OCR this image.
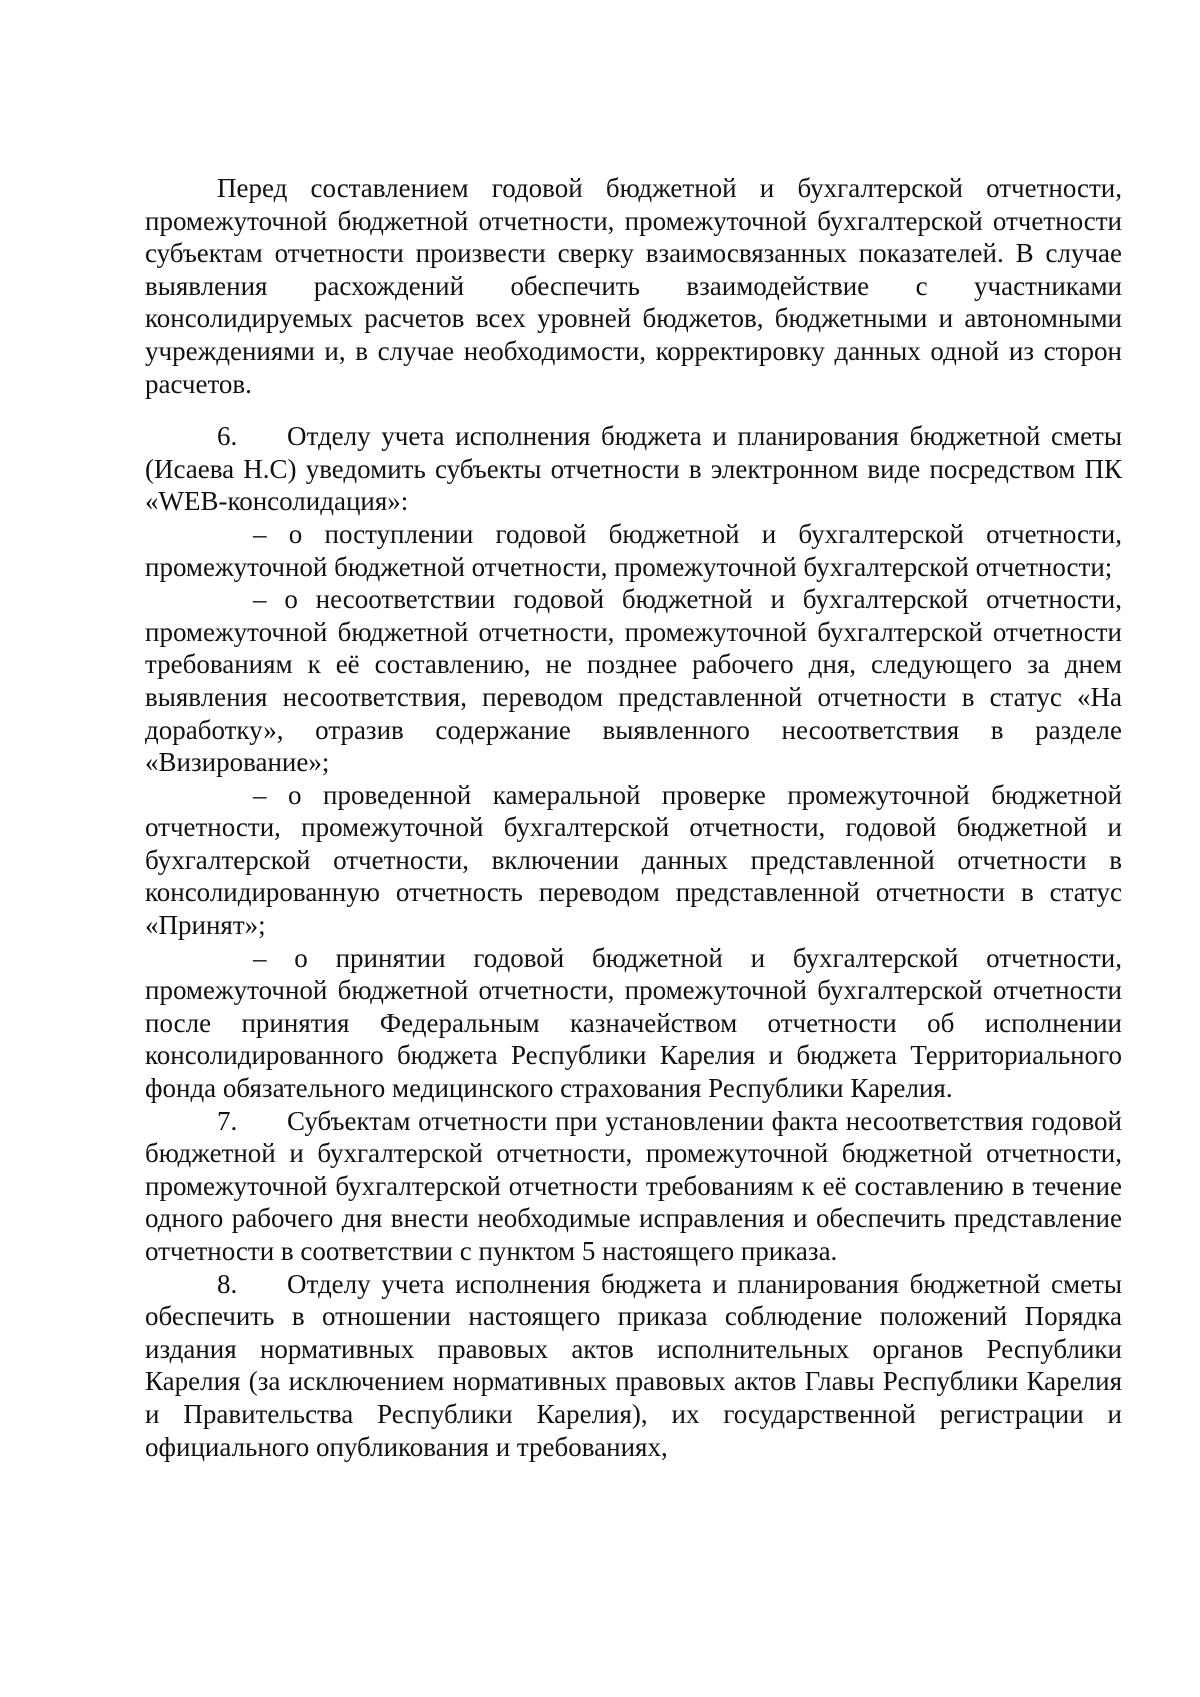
Перед составлением годовой бюджетной и бухгалтерской отчетности, промежуточной бюджетной отчетности, промежуточной бухгалтерской отчетности субъектам отчетности произвести сверку взаимосвязанных показателей. В случае выявления расхождений обеспечить взаимодействие с участниками консолидируемых расчетов всех уровней бюджетов, бюджетными и автономными учреждениями и, в случае необходимости, корректировку данных одной из сторон расчетов.

6. Отделу учета исполнения бюджета и планирования бюджетной сметы (Исаева Н.С) уведомить субъекты отчетности в электронном виде посредством ПК «WEB-консолидация»:

– о поступлении годовой бюджетной и бухгалтерской отчетности, промежуточной бюджетной отчетности, промежуточной бухгалтерской отчетности;

– о несоответствии годовой бюджетной и бухгалтерской отчетности, промежуточной бюджетной отчетности, промежуточной бухгалтерской отчетности требованиям к её составлению, не позднее рабочего дня, следующего за днем выявления несоответствия, переводом представленной отчетности в статус «На доработку», отразив содержание выявленного несоответствия в разделе «Визирование»;

– о проведенной камеральной проверке промежуточной бюджетной отчетности, промежуточной бухгалтерской отчетности, годовой бюджетной и бухгалтерской отчетности, включении данных представленной отчетности в консолидированную отчетность переводом представленной отчетности в статус «Принят»;

– о принятии годовой бюджетной и бухгалтерской отчетности, промежуточной бюджетной отчетности, промежуточной бухгалтерской отчетности после принятия Федеральным казначейством отчетности об исполнении консолидированного бюджета Республики Карелия и бюджета Территориального фонда обязательного медицинского страхования Республики Карелия.

7. Субъектам отчетности при установлении факта несоответствия годовой бюджетной и бухгалтерской отчетности, промежуточной бюджетной отчетности, промежуточной бухгалтерской отчетности требованиям к её составлению в течение одного рабочего дня внести необходимые исправления и обеспечить представление отчетности в соответствии с пунктом 5 настоящего приказа.

8. Отделу учета исполнения бюджета и планирования бюджетной сметы обеспечить в отношении настоящего приказа соблюдение положений Порядка издания нормативных правовых актов исполнительных органов Республики Карелия (за исключением нормативных правовых актов Главы Республики Карелия и Правительства Республики Карелия), их государственной регистрации и официального опубликования и требованиях,
